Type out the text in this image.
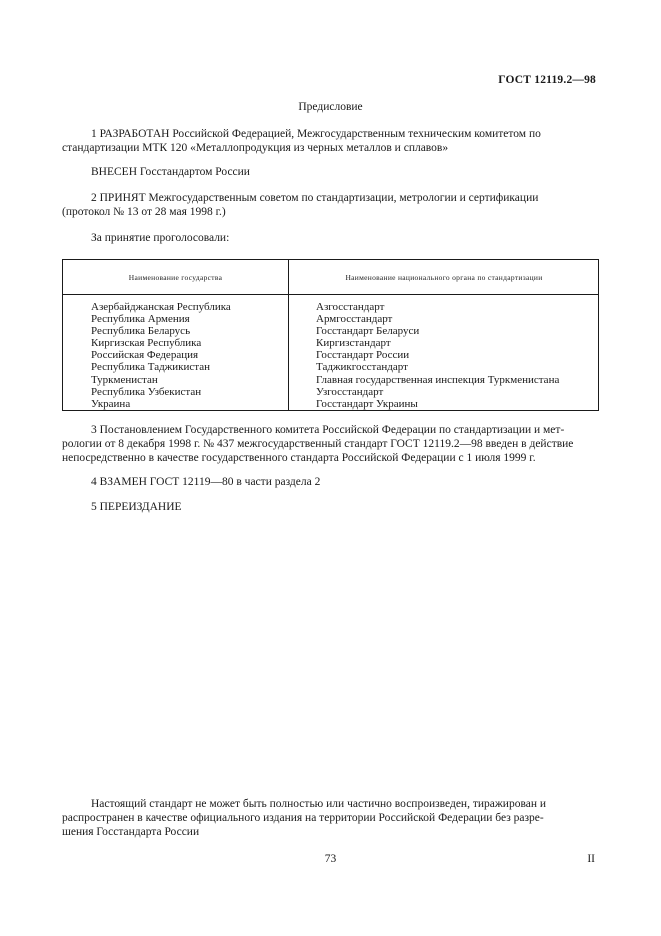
ГОСТ 12119.2—98
Предисловие
1 РАЗРАБОТАН Российской Федерацией, Межгосударственным техническим комитетом по
стандартизации МТК 120 «Металлопродукция из черных металлов и сплавов»
ВНЕСЕН Госстандартом России
2 ПРИНЯТ Межгосударственным советом по стандартизации, метрологии и сертификации
(протокол № 13 от 28 мая 1998 г.)
За принятие проголосовали:
Наименование государства	Наименование национального органа по стандартизации
Азербайджанская Республика
Республика Армения
Республика Беларусь
Киргизская Республика
Российская Федерация
Республика Таджикистан
Туркменистан
Республика Узбекистан
Украина
Азгосстандарт
Армгосстандарт
Госстандарт Беларуси
Киргизстандарт
Госстандарт России
Таджикгосстандарт
Главная государственная инспекция Туркменистана
Узгосстандарт
Госстандарт Украины
3 Постановлением Государственного комитета Российской Федерации по стандартизации и мет-
рологии от 8 декабря 1998 г. № 437 межгосударственный стандарт ГОСТ 12119.2—98 введен в действие
непосредственно в качестве государственного стандарта Российской Федерации с 1 июля 1999 г.
4 ВЗАМЕН ГОСТ 12119—80 в части раздела 2
5 ПЕРЕИЗДАНИЕ
Настоящий стандарт не может быть полностью или частично воспроизведен, тиражирован и
распространен в качестве официального издания на территории Российской Федерации без разре-
шения Госстандарта России
73	II
